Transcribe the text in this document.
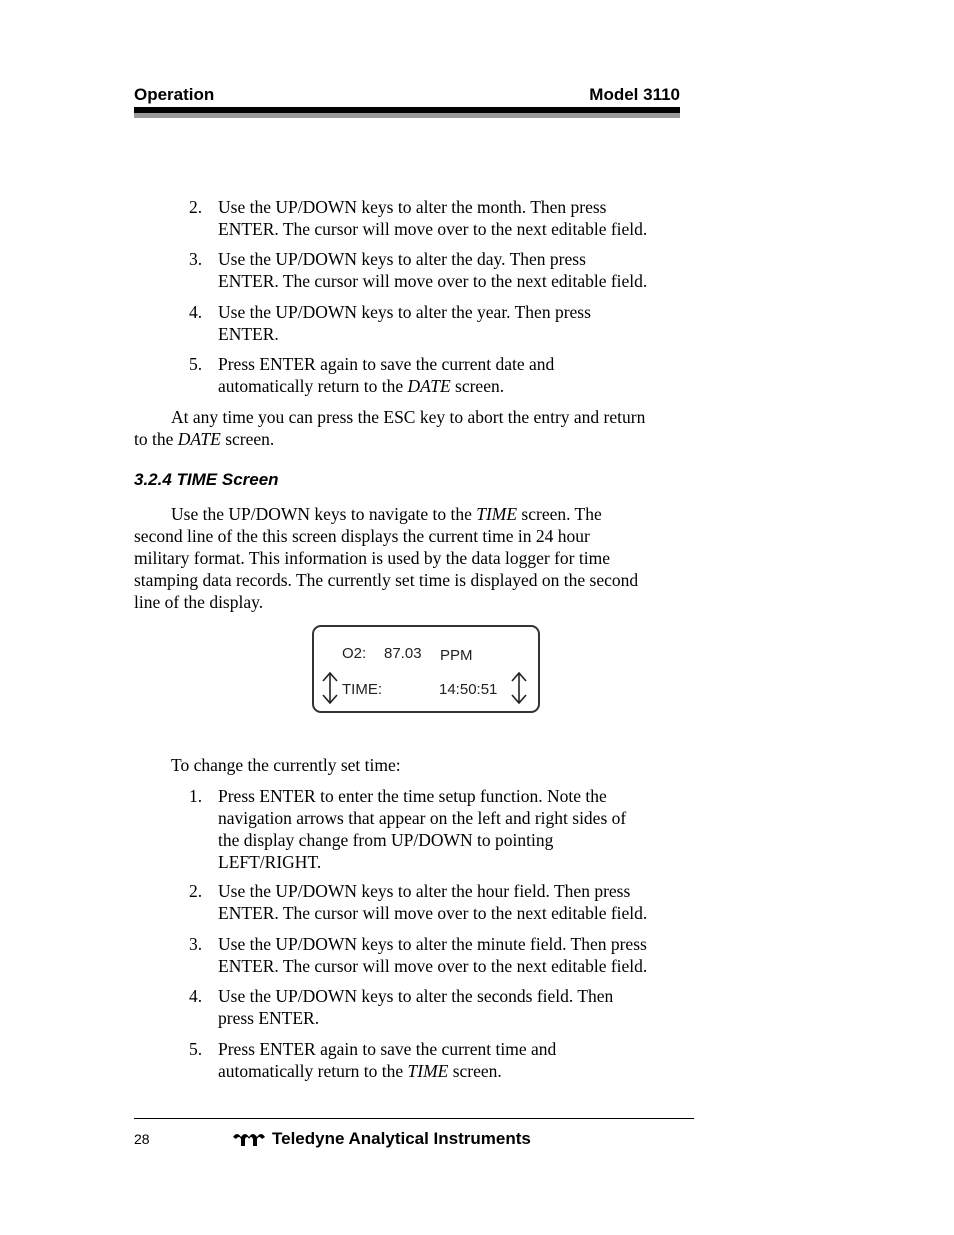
Operation	Model 3110
2. Use the UP/DOWN keys to alter the month. Then press
ENTER. The cursor will move over to the next editable field.
3. Use the UP/DOWN keys to alter the day. Then press
ENTER. The cursor will move over to the next editable field.
4. Use the UP/DOWN keys to alter the year. Then press
ENTER.
5. Press ENTER again to save the current date and
automatically return to the DATE screen.
At any time you can press the ESC key to abort the entry and return
to the DATE screen.
3.2.4 TIME Screen
Use the UP/DOWN keys to navigate to the TIME screen. The
second line of the this screen displays the current time in 24 hour
military format. This information is used by the data logger for time
stamping data records. The currently set time is displayed on the second
line of the display.
O2: 87.03 PPM
TIME:	14:50:51
To change the currently set time:
1. Press ENTER to enter the time setup function. Note the
navigation arrows that appear on the left and right sides of
the display change from UP/DOWN to pointing
LEFT/RIGHT.
2. Use the UP/DOWN keys to alter the hour field. Then press
ENTER. The cursor will move over to the next editable field.
3. Use the UP/DOWN keys to alter the minute field. Then press
ENTER. The cursor will move over to the next editable field.
4. Use the UP/DOWN keys to alter the seconds field. Then
press ENTER.
5. Press ENTER again to save the current time and
automatically return to the TIME screen.
28	Teledyne Analytical Instruments
